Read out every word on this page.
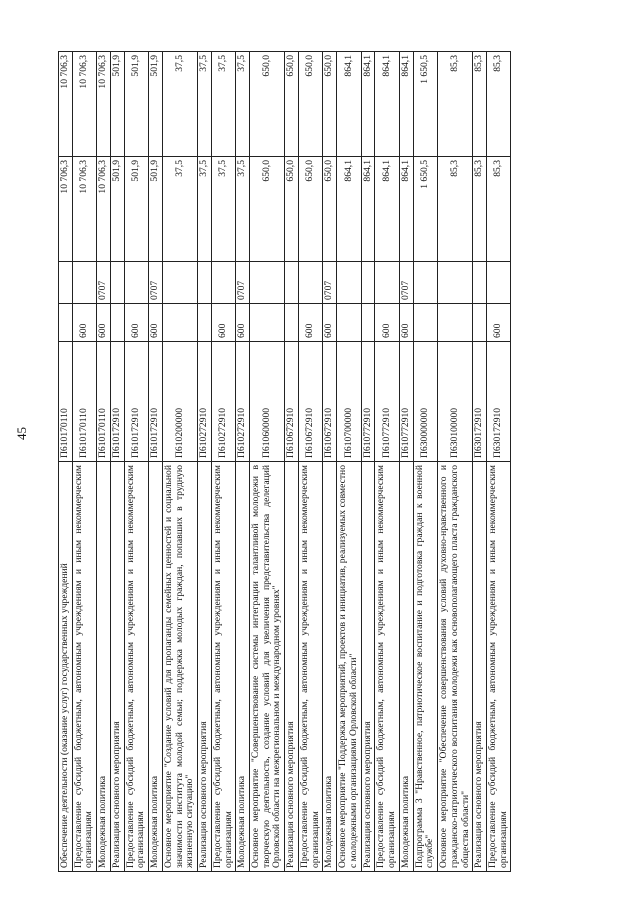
45
Обеспечение деятельности (оказание услуг) государственных учреждений	П610170110			10 706,3	10 706,3
Предоставление субсидий бюджетным, автономным учреждениям и иным некоммерческим организациям	П610170110	600		10 706,3	10 706,3
Молодежная политика	П610170110	600	0707	10 706,3	10 706,3
Реализация основного мероприятия	П610172910			501,9	501,9
Предоставление субсидий бюджетным, автономным учреждениям и иным некоммерческим организациям	П610172910	600		501,9	501,9
Молодежная политика	П610172910	600	0707	501,9	501,9
Основное мероприятие "Создание условий для пропаганды семейных ценностей и социальной значимости института молодой семьи; поддержка молодых граждан, попавших в трудную жизненную ситуацию"	П610200000			37,5	37,5
Реализация основного мероприятия	П610272910			37,5	37,5
Предоставление субсидий бюджетным, автономным учреждениям и иным некоммерческим организациям	П610272910	600		37,5	37,5
Молодежная политика	П610272910	600	0707	37,5	37,5
Основное мероприятие "Совершенствование системы интеграции талантливой молодежи в творческую деятельность, создание условий для увеличения представительства делегаций Орловской области на межрегиональном и международном уровнях"	П610600000			650,0	650,0
Реализация основного мероприятия	П610672910			650,0	650,0
Предоставление субсидий бюджетным, автономным учреждениям и иным некоммерческим организациям	П610672910	600		650,0	650,0
Молодежная политика	П610672910	600	0707	650,0	650,0
Основное мероприятие "Поддержка мероприятий, проектов и инициатив, реализуемых совместно с молодежными организациями Орловской области"	П610700000			864,1	864,1
Реализация основного мероприятия	П610772910			864,1	864,1
Предоставление субсидий бюджетным, автономным учреждениям и иным некоммерческим организациям	П610772910	600		864,1	864,1
Молодежная политика	П610772910	600	0707	864,1	864,1
Подпрограмма 3 "Нравственное, патриотическое воспитание и подготовка граждан к военной службе"	П630000000			1 650,5	1 650,5
Основное мероприятие "Обеспечение совершенствования условий духовно-нравственного и гражданско-патриотического воспитания молодежи как основополагающего пласта гражданского общества области"	П630100000			85,3	85,3
Реализация основного мероприятия	П630172910			85,3	85,3
Предоставление субсидий бюджетным, автономным учреждениям и иным некоммерческим организациям	П630172910	600		85,3	85,3
